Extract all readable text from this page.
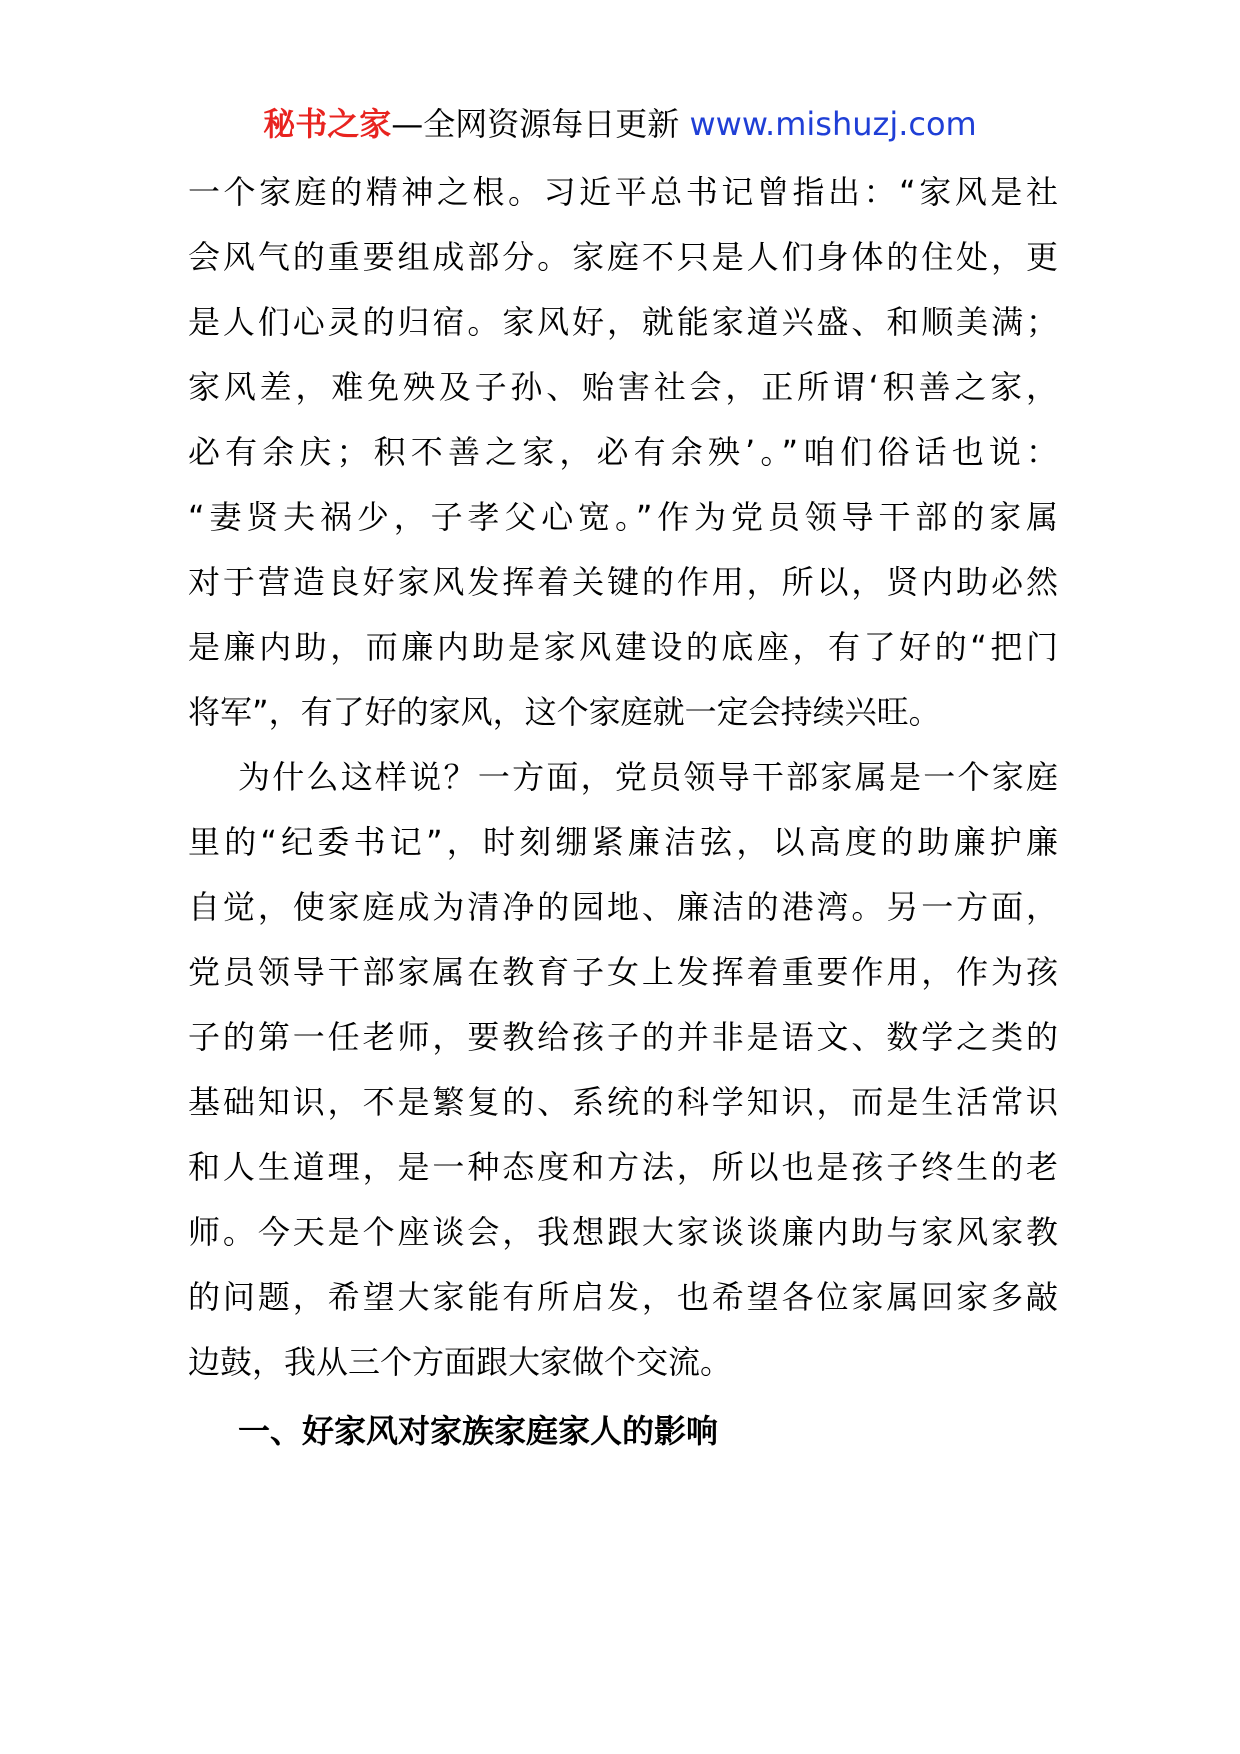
秘书之家—全网资源每日更新 www.mishuzj.com
一个家庭的精神之根。习近平总书记曾指出：“家风是社
会风气的重要组成部分。家庭不只是人们身体的住处，更
是人们心灵的归宿。家风好，就能家道兴盛、和顺美满；
家风差，难免殃及子孙、贻害社会，正所谓‘积善之家，
必有余庆；积不善之家，必有余殃’。”咱们俗话也说：
“妻贤夫祸少，子孝父心宽。”作为党员领导干部的家属
对于营造良好家风发挥着关键的作用，所以，贤内助必然
是廉内助，而廉内助是家风建设的底座，有了好的“把门
将军”，有了好的家风，这个家庭就一定会持续兴旺。
为什么这样说？一方面，党员领导干部家属是一个家庭
里的“纪委书记”，时刻绷紧廉洁弦，以高度的助廉护廉
自觉，使家庭成为清净的园地、廉洁的港湾。另一方面，
党员领导干部家属在教育子女上发挥着重要作用，作为孩
子的第一任老师，要教给孩子的并非是语文、数学之类的
基础知识，不是繁复的、系统的科学知识，而是生活常识
和人生道理，是一种态度和方法，所以也是孩子终生的老
师。今天是个座谈会，我想跟大家谈谈廉内助与家风家教
的问题，希望大家能有所启发，也希望各位家属回家多敲
边鼓，我从三个方面跟大家做个交流。
一、好家风对家族家庭家人的影响
